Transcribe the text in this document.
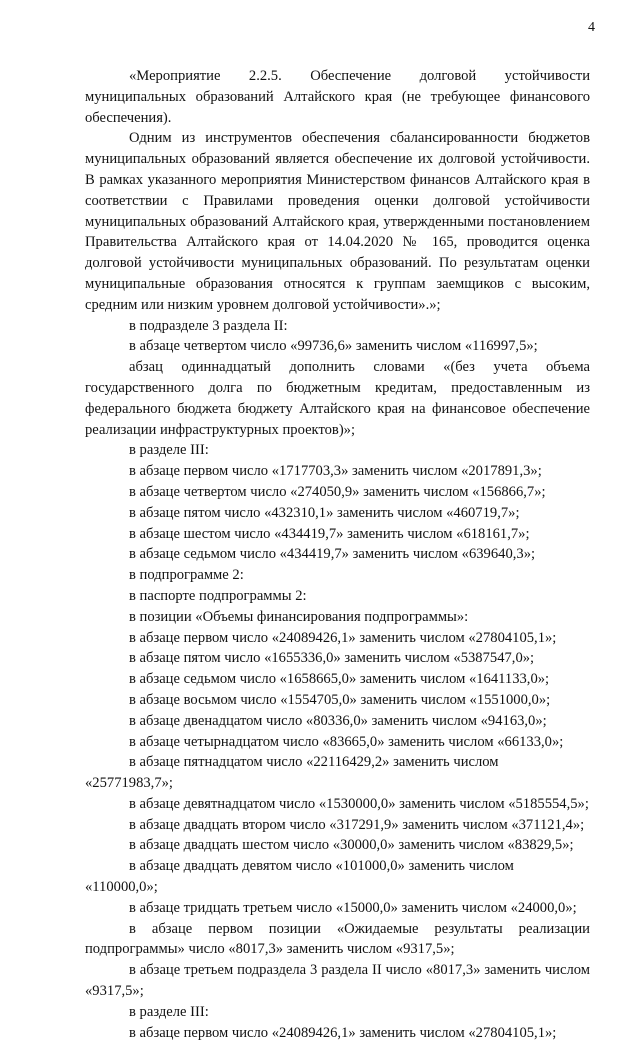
4

«Мероприятие 2.2.5. Обеспечение долговой устойчивости муниципальных образований Алтайского края (не требующее финансового обеспечения).

Одним из инструментов обеспечения сбалансированности бюджетов муниципальных образований является обеспечение их долговой устойчивости. В рамках указанного мероприятия Министерством финансов Алтайского края в соответствии с Правилами проведения оценки долговой устойчивости муниципальных образований Алтайского края, утвержденными постановлением Правительства Алтайского края от 14.04.2020 № 165, проводится оценка долговой устойчивости муниципальных образований. По результатам оценки муниципальные образования относятся к группам заемщиков с высоким, средним или низким уровнем долговой устойчивости».»;

в подразделе 3 раздела II:

в абзаце четвертом число «99736,6» заменить числом «116997,5»;

абзац одиннадцатый дополнить словами «(без учета объема государственного долга по бюджетным кредитам, предоставленным из федерального бюджета бюджету Алтайского края на финансовое обеспечение реализации инфраструктурных проектов)»;

в разделе III:

в абзаце первом число «1717703,3» заменить числом «2017891,3»;

в абзаце четвертом число «274050,9» заменить числом «156866,7»;

в абзаце пятом число «432310,1» заменить числом «460719,7»;

в абзаце шестом число «434419,7» заменить числом «618161,7»;

в абзаце седьмом число «434419,7» заменить числом «639640,3»;

в подпрограмме 2:

в паспорте подпрограммы 2:

в позиции «Объемы финансирования подпрограммы»:

в абзаце первом число «24089426,1» заменить числом «27804105,1»;

в абзаце пятом число «1655336,0» заменить числом «5387547,0»;

в абзаце седьмом число «1658665,0» заменить числом «1641133,0»;

в абзаце восьмом число «1554705,0» заменить числом «1551000,0»;

в абзаце двенадцатом число «80336,0» заменить числом «94163,0»;

в абзаце четырнадцатом число «83665,0» заменить числом «66133,0»;

в абзаце пятнадцатом число «22116429,2» заменить числом «25771983,7»;

в абзаце девятнадцатом число «1530000,0» заменить числом «5185554,5»;

в абзаце двадцать втором число «317291,9» заменить числом «371121,4»;

в абзаце двадцать шестом число «30000,0» заменить числом «83829,5»;

в абзаце двадцать девятом число «101000,0» заменить числом «110000,0»;

в абзаце тридцать третьем число «15000,0» заменить числом «24000,0»;

в абзаце первом позиции «Ожидаемые результаты реализации подпрограммы» число «8017,3» заменить числом «9317,5»;

в абзаце третьем подраздела 3 раздела II число «8017,3» заменить числом «9317,5»;

в разделе III:

в абзаце первом число «24089426,1» заменить числом «27804105,1»;
